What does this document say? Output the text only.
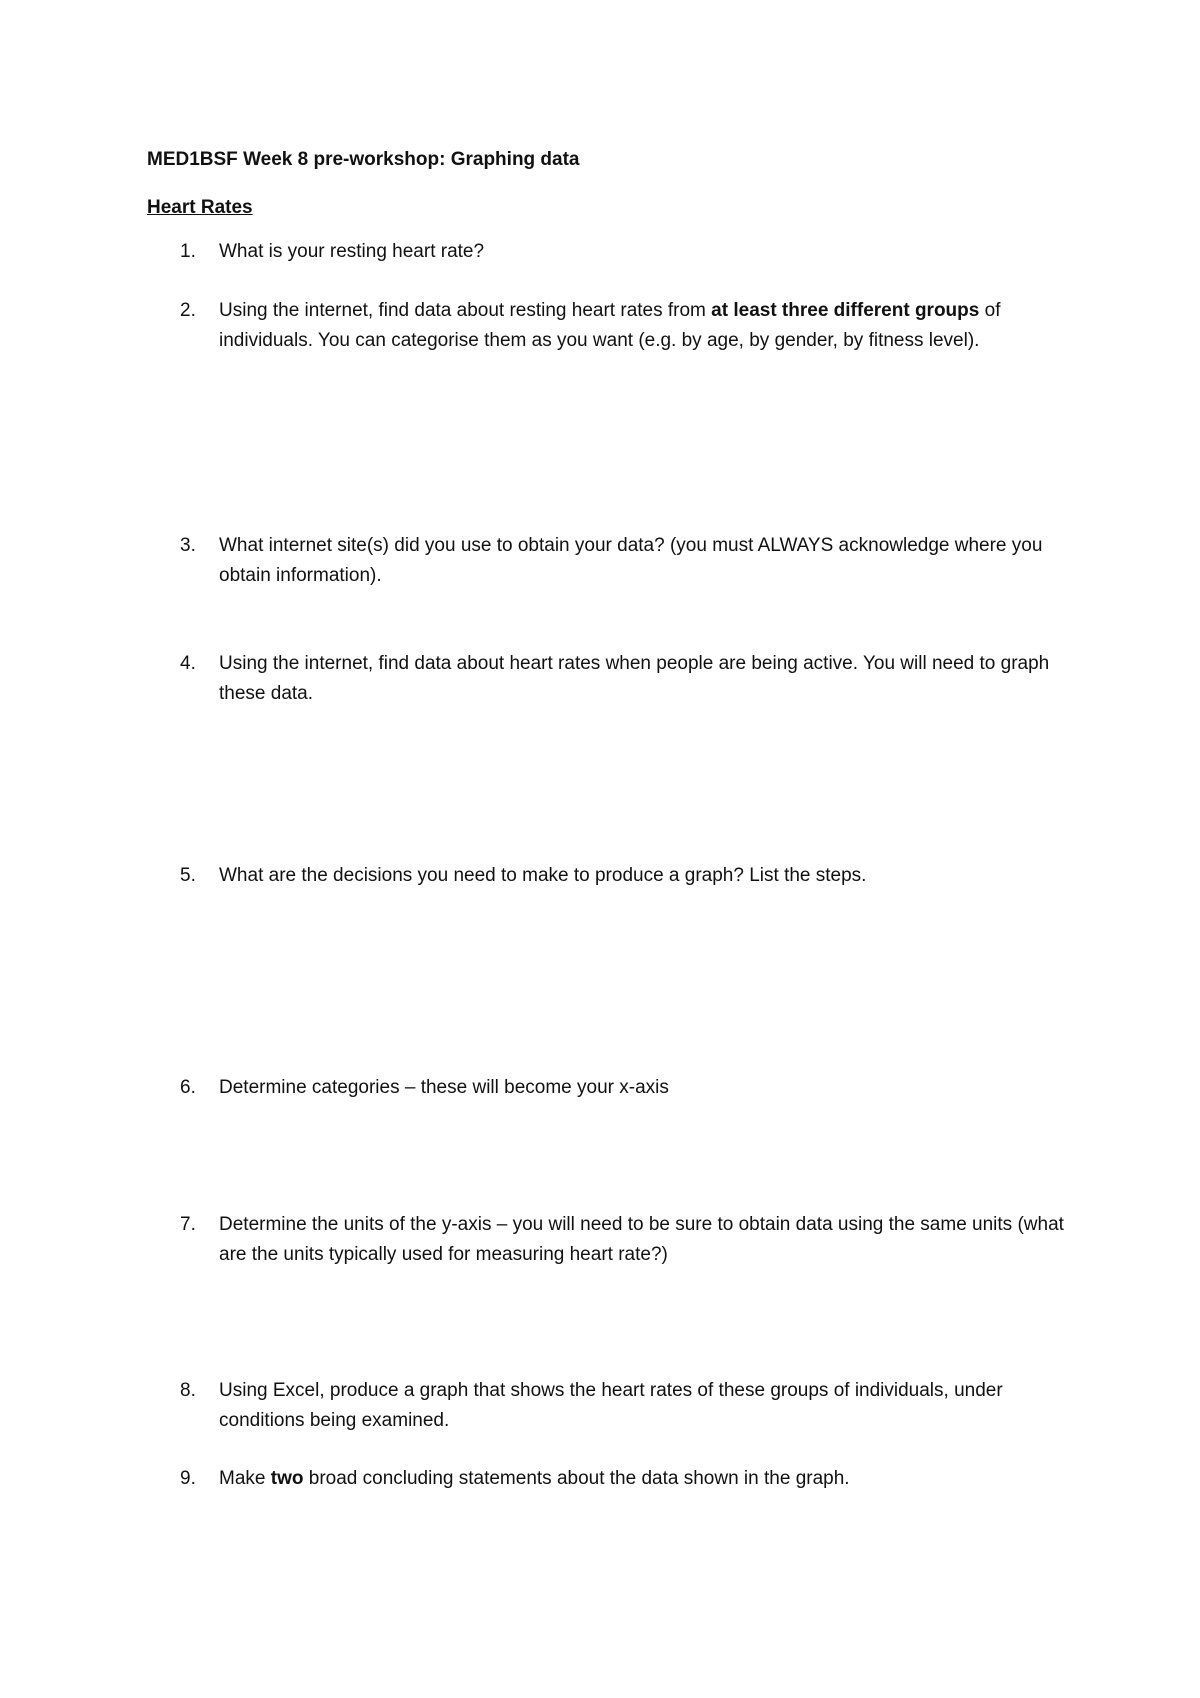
MED1BSF Week 8 pre-workshop: Graphing data
Heart Rates

1.	What is your resting heart rate?

2.	Using the internet, find data about resting heart rates from at least three different groups of individuals. You can categorise them as you want (e.g. by age, by gender, by fitness level).

3.	What internet site(s) did you use to obtain your data? (you must ALWAYS acknowledge where you obtain information).

4.	Using the internet, find data about heart rates when people are being active. You will need to graph these data.

5.	What are the decisions you need to make to produce a graph? List the steps.

6.	Determine categories – these will become your x-axis

7.	Determine the units of the y-axis – you will need to be sure to obtain data using the same units (what are the units typically used for measuring heart rate?)

8.	Using Excel, produce a graph that shows the heart rates of these groups of individuals, under conditions being examined.

9.	Make two broad concluding statements about the data shown in the graph.
